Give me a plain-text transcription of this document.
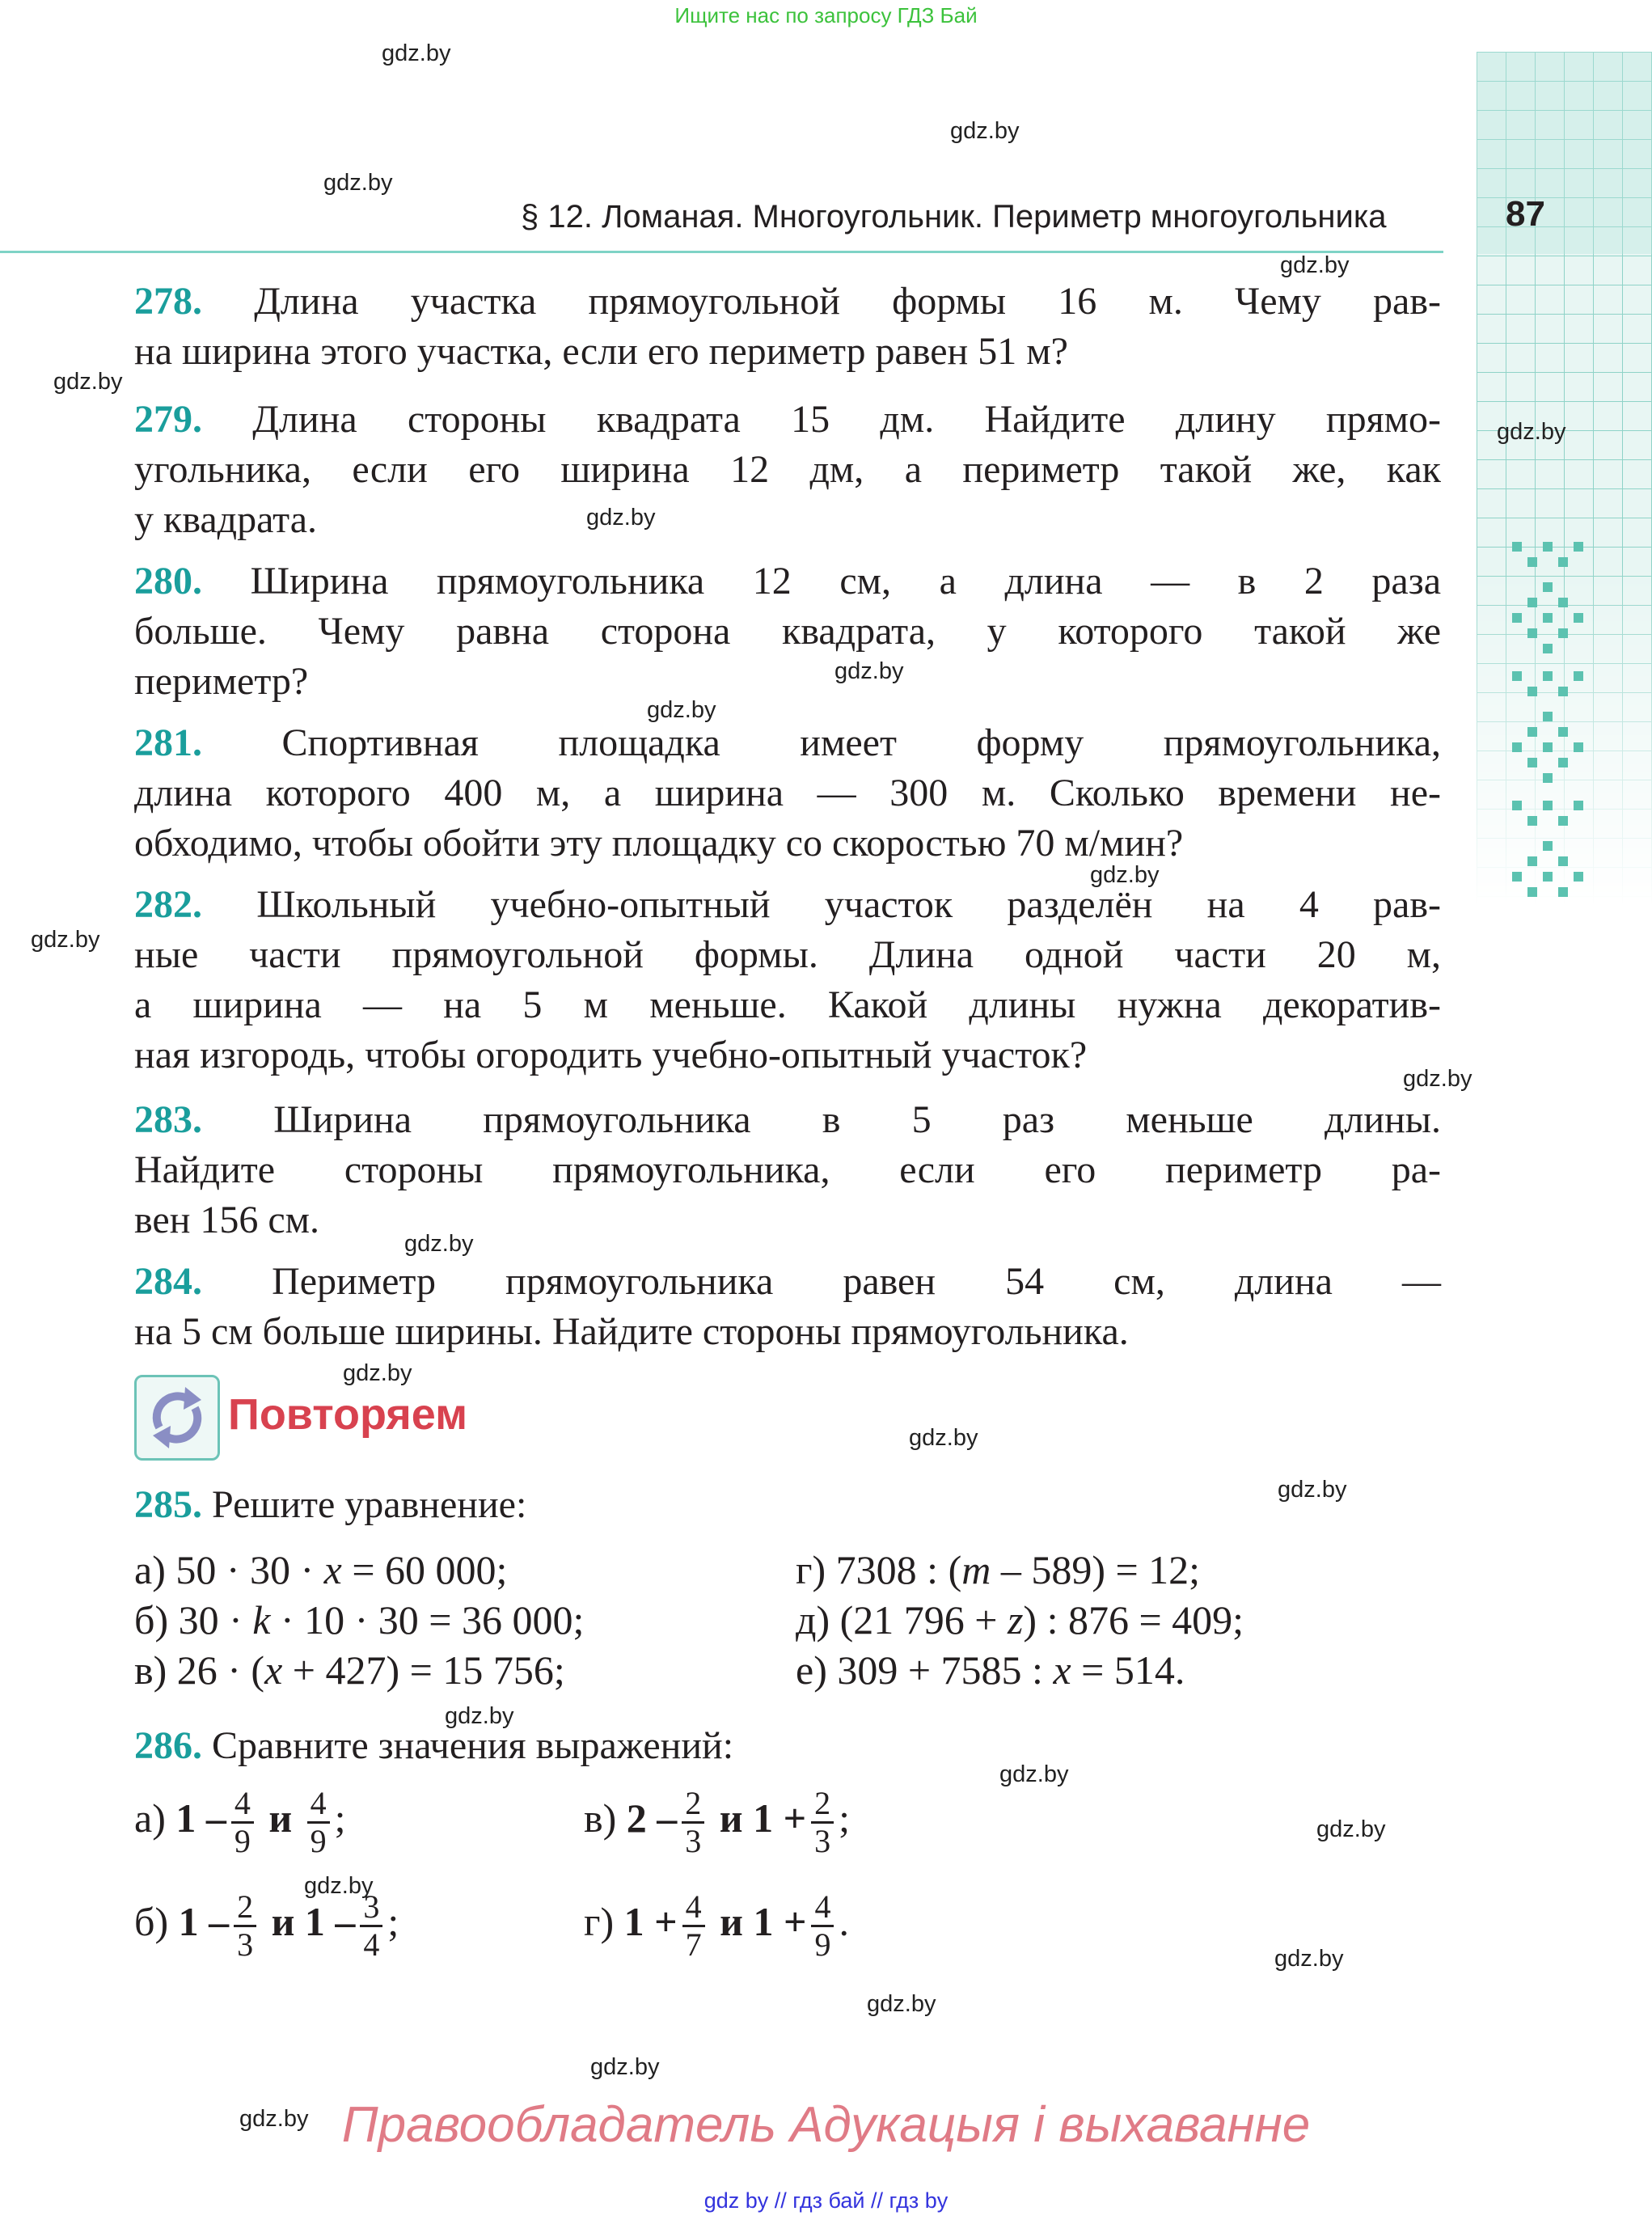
Ищите нас по запросу ГДЗ Бай
87
§ 12. Ломаная. Многоугольник. Периметр многоугольника
278. Длина участка прямоугольной формы 16 м. Чему рав-
на ширина этого участка, если его периметр равен 51 м?
279. Длина стороны квадрата 15 дм. Найдите длину прямо-
угольника, если его ширина 12 дм, а периметр такой же, как
у квадрата.
280. Ширина прямоугольника 12 см, а длина — в 2 раза
больше. Чему равна сторона квадрата, у которого такой же
периметр?
281. Спортивная площадка имеет форму прямоугольника,
длина которого 400 м, а ширина — 300 м. Сколько времени не-
обходимо, чтобы обойти эту площадку со скоростью 70 м/мин?
282. Школьный учебно-опытный участок разделён на 4 рав-
ные части прямоугольной формы. Длина одной части 20 м,
а ширина — на 5 м меньше. Какой длины нужна декоратив-
ная изгородь, чтобы огородить учебно-опытный участок?
283. Ширина прямоугольника в 5 раз меньше длины.
Найдите стороны прямоугольника, если его периметр ра-
вен 156 см.
284. Периметр прямоугольника равен 54 см, длина —
на 5 см больше ширины. Найдите стороны прямоугольника.
Повторяем
285. Решите уравнение:
а) 50 · 30 · x = 60 000;
б) 30 · k · 10 · 30 = 36 000;
в) 26 · (x + 427) = 15 756;
г) 7308 : (m – 589) = 12;
д) (21 796 + z) : 876 = 409;
е) 309 + 7585 : x = 514.
286. Сравните значения выражений:
а) $1 - \frac{4}{9}$ и $\frac{4}{9}$ ;
б) $1 - \frac{2}{3}$ и $1 - \frac{3}{4}$ ;
в) $2 - \frac{2}{3}$ и $1 + \frac{2}{3}$ ;
г) $1 + \frac{4}{7}$ и $1 + \frac{4}{9}$ .
gdz.by
gdz.by
gdz.by
gdz.by
gdz.by
gdz.by
gdz.by
gdz.by
gdz.by
gdz.by
gdz.by
gdz.by
gdz.by
gdz.by
gdz.by
gdz.by
gdz.by
gdz.by
gdz.by
gdz.by
gdz.by
gdz.by
gdz.by
gdz.by Правообладатель Адукацыя і выхаванне
gdz by // гдз бай // гдз by
